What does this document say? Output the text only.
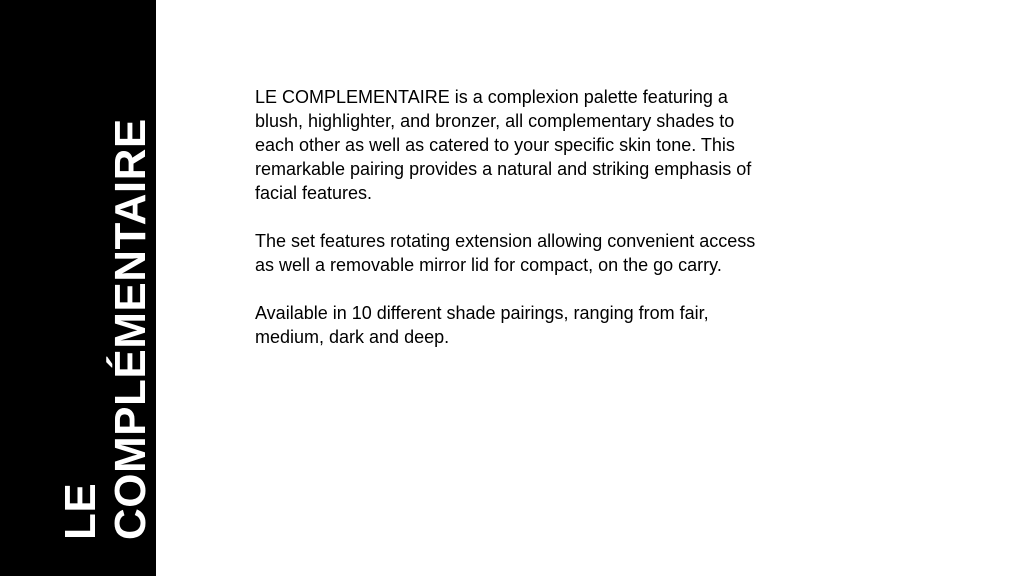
LE COMPLÉMENTAIRE

LE COMPLEMENTAIRE is a complexion palette featuring a blush, highlighter, and bronzer, all complementary shades to each other as well as catered to your specific skin tone. This remarkable pairing provides a natural and striking emphasis of facial features.

The set features rotating extension allowing convenient access as well a removable mirror lid for compact, on the go carry.

Available in 10 different shade pairings, ranging from fair, medium, dark and deep.
